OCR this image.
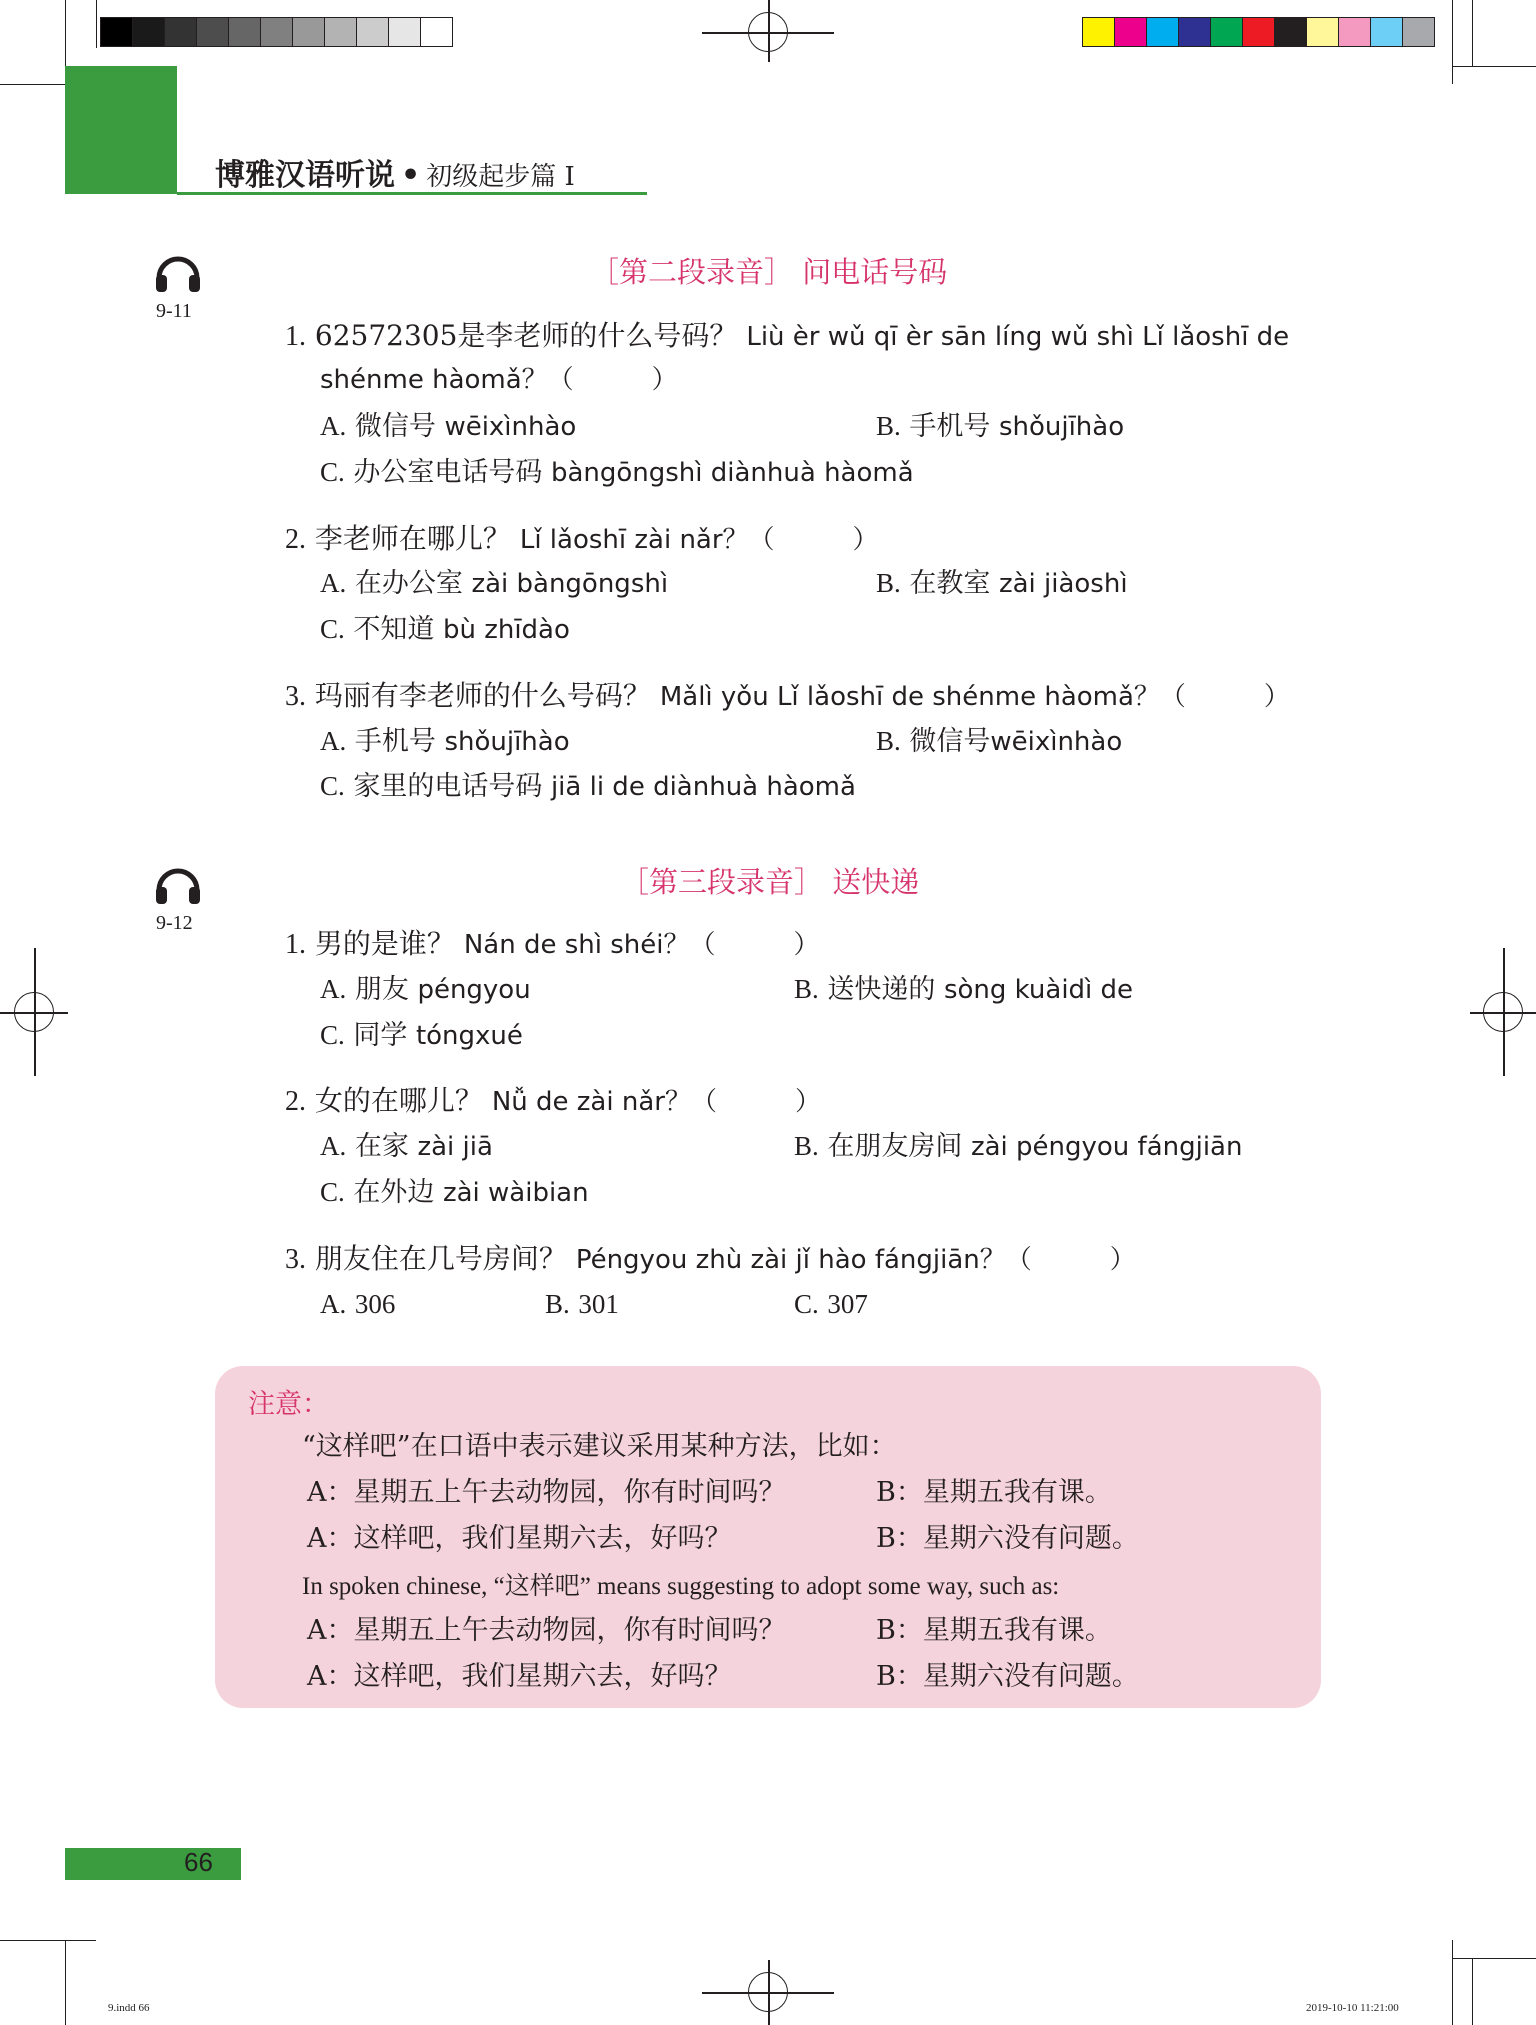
博雅汉语听说 • 初级起步篇 I
9-11
［第二段录音］ 问电话号码
1. 62572305是李老师的什么号码？ Liù èr wǔ qī èr sān líng wǔ shì Lǐ lǎoshī de
shénme hàomǎ？（　　　）
A. 微信号 wēixìnhào	B. 手机号 shǒujīhào
C. 办公室电话号码 bàngōngshì diànhuà hàomǎ
2. 李老师在哪儿？ Lǐ lǎoshī zài nǎr？（　　　）
A. 在办公室 zài bàngōngshì	B. 在教室 zài jiàoshì
C. 不知道 bù zhīdào
3. 玛丽有李老师的什么号码？ Mǎlì yǒu Lǐ lǎoshī de shénme hàomǎ？（　　　）
A. 手机号 shǒujīhào	B. 微信号wēixìnhào
C. 家里的电话号码 jiā li de diànhuà hàomǎ
9-12
［第三段录音］ 送快递
1. 男的是谁？ Nán de shì shéi？（　　　）
A. 朋友 péngyou	B. 送快递的 sòng kuàidì de
C. 同学 tóngxué
2. 女的在哪儿？ Nǚ de zài nǎr？（　　　）
A. 在家 zài jiā	B. 在朋友房间 zài péngyou fángjiān
C. 在外边 zài wàibian
3. 朋友住在几号房间？ Péngyou zhù zài jǐ hào fángjiān？（　　　）
A. 306	B. 301	C. 307
注意：
“这样吧”在口语中表示建议采用某种方法，比如：
A：星期五上午去动物园，你有时间吗？	B：星期五我有课。
A：这样吧，我们星期六去，好吗？	B：星期六没有问题。
In spoken chinese, “这样吧” means suggesting to adopt some way, such as:
A：星期五上午去动物园，你有时间吗？	B：星期五我有课。
A：这样吧，我们星期六去，好吗？	B：星期六没有问题。
66
9.indd 66	2019-10-10 11:21:00
